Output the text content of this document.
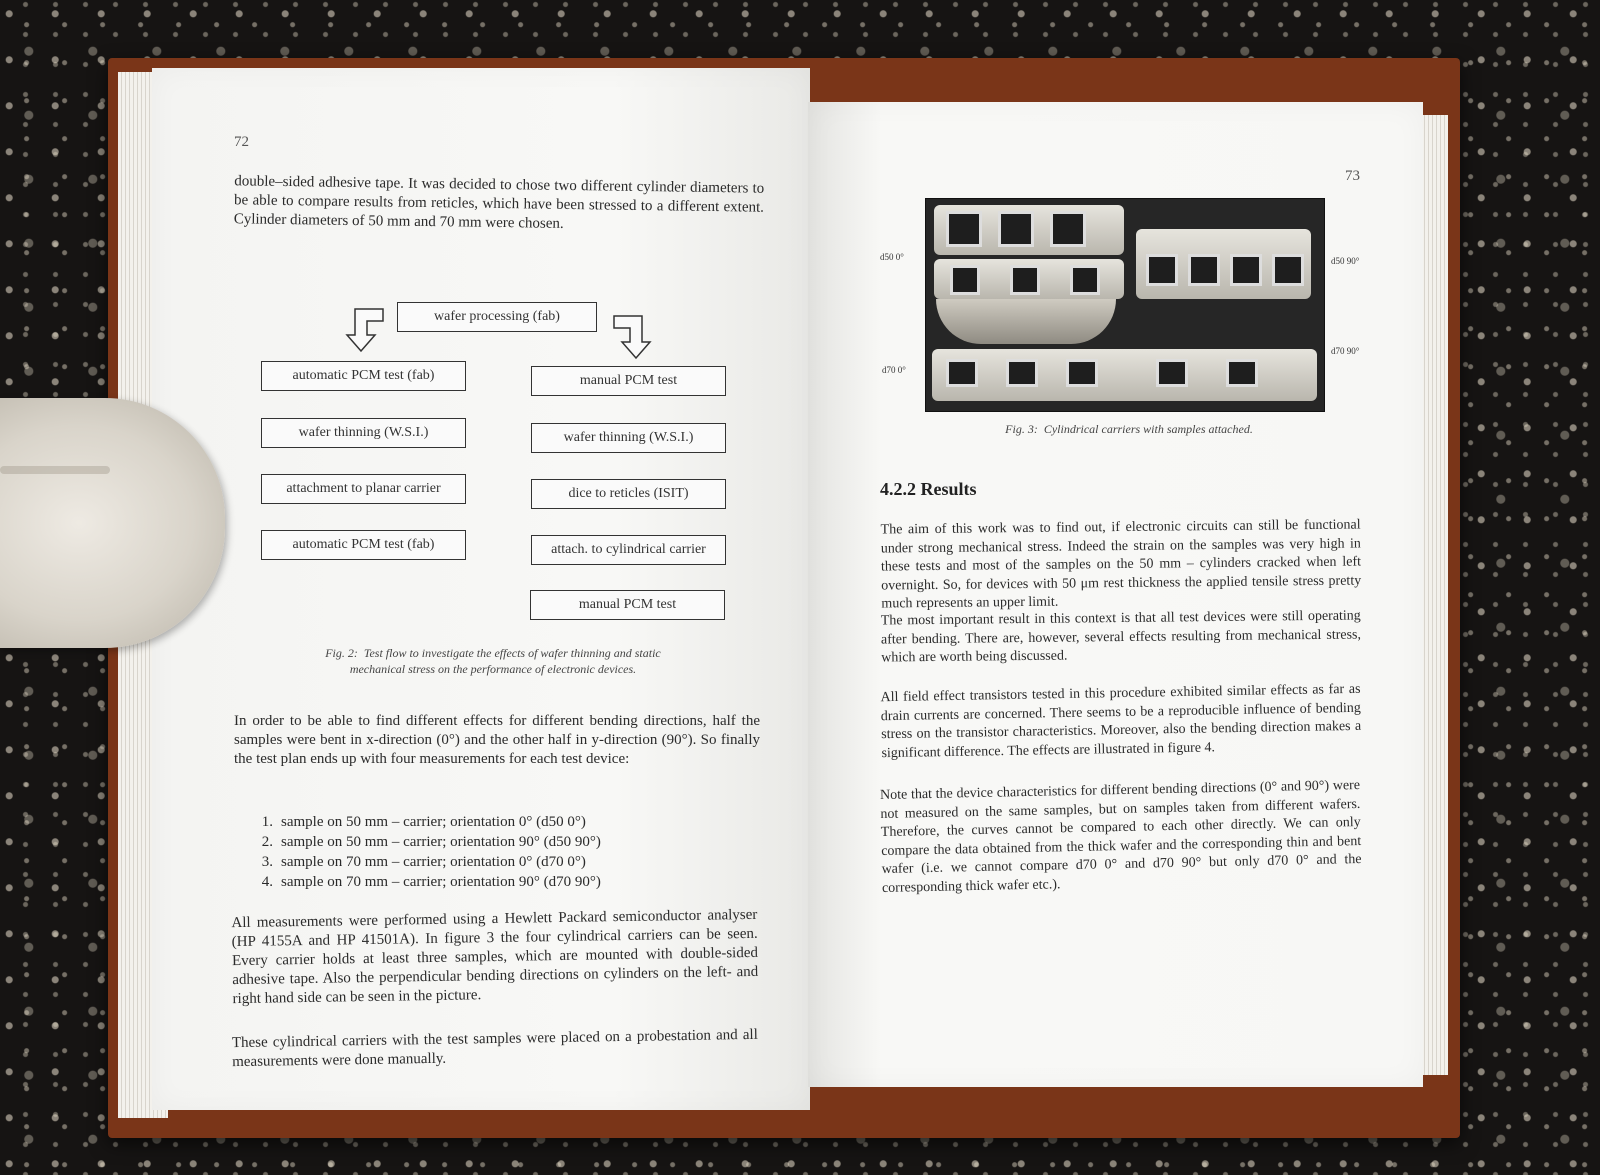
72
double–sided adhesive tape. It was decided to chose two different cylinder diameters to be able to compare results from reticles, which have been stressed to a different extent. Cylinder diameters of 50 mm and 70 mm were chosen.
wafer processing (fab)
automatic PCM test (fab)
wafer thinning (W.S.I.)
attachment to planar carrier
automatic PCM test (fab)
manual PCM test
wafer thinning (W.S.I.)
dice to reticles (ISIT)
attach. to cylindrical carrier
manual PCM test
Fig. 2: Test flow to investigate the effects of wafer thinning and static
mechanical stress on the performance of electronic devices.
In order to be able to find different effects for different bending directions, half the samples were bent in x-direction (0°) and the other half in y-direction (90°). So finally the test plan ends up with four measurements for each test device:
1. sample on 50 mm – carrier; orientation 0° (d50 0°)
2. sample on 50 mm – carrier; orientation 90° (d50 90°)
3. sample on 70 mm – carrier; orientation 0° (d70 0°)
4. sample on 70 mm – carrier; orientation 90° (d70 90°)
All measurements were performed using a Hewlett Packard semiconductor analyser (HP 4155A and HP 41501A). In figure 3 the four cylindrical carriers can be seen. Every carrier holds at least three samples, which are mounted with double-sided adhesive tape. Also the perpendicular bending directions on cylinders on the left- and right hand side can be seen in the picture.
These cylindrical carriers with the test samples were placed on a probestation and all measurements were done manually.
73
d50 0°
d70 0°
d50 90°
d70 90°
Fig. 3: Cylindrical carriers with samples attached.
4.2.2 Results
The aim of this work was to find out, if electronic circuits can still be functional under strong mechanical stress. Indeed the strain on the samples was very high in these tests and most of the samples on the 50 mm – cylinders cracked when left overnight. So, for devices with 50 μm rest thickness the applied tensile stress pretty much represents an upper limit.
The most important result in this context is that all test devices were still operating after bending. There are, however, several effects resulting from mechanical stress, which are worth being discussed.
All field effect transistors tested in this procedure exhibited similar effects as far as drain currents are concerned. There seems to be a reproducible influence of bending stress on the transistor characteristics. Moreover, also the bending direction makes a significant difference. The effects are illustrated in figure 4.
Note that the device characteristics for different bending directions (0° and 90°) were not measured on the same samples, but on samples taken from different wafers. Therefore, the curves cannot be compared to each other directly. We can only compare the data obtained from the thick wafer and the corresponding thin and bent wafer (i.e. we cannot compare d70 0° and d70 90° but only d70 0° and the corresponding thick wafer etc.).
